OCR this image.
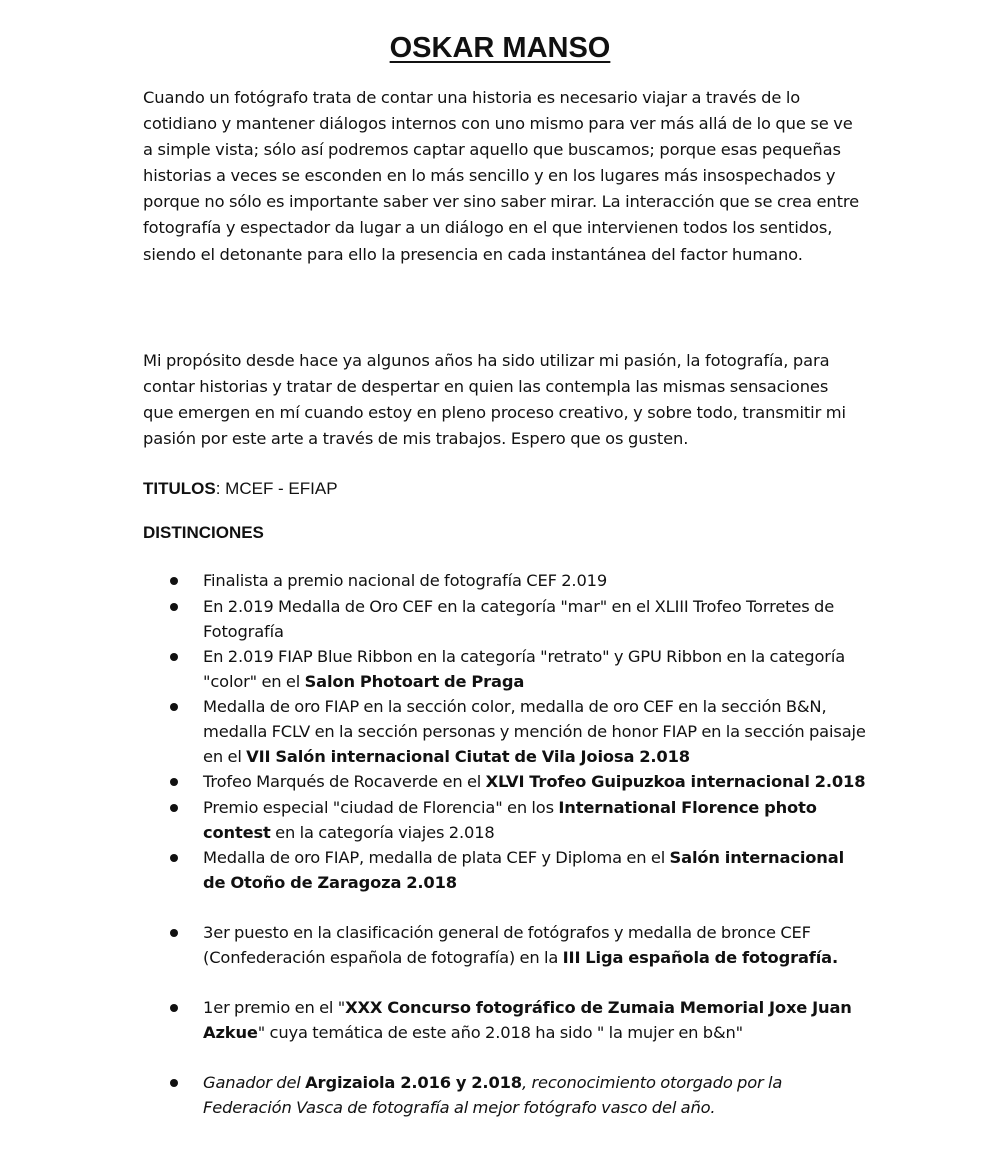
OSKAR MANSO

Cuando un fotógrafo trata de contar una historia es necesario viajar a través de lo cotidiano y mantener diálogos internos con uno mismo para ver más allá de lo que se ve a simple vista; sólo así podremos captar aquello que buscamos; porque esas pequeñas historias a veces se esconden en lo más sencillo y en los lugares más insospechados y porque no sólo es importante saber ver sino saber mirar. La interacción que se crea entre fotografía y espectador da lugar a un diálogo en el que intervienen todos los sentidos, siendo el detonante para ello la presencia en cada instantánea del factor humano.

Mi propósito desde hace ya algunos años ha sido utilizar mi pasión, la fotografía, para contar historias y tratar de despertar en quien las contempla las mismas sensaciones que emergen en mí cuando estoy en pleno proceso creativo, y sobre todo, transmitir mi pasión por este arte a través de mis trabajos. Espero que os gusten.

TITULOS: MCEF - EFIAP
DISTINCIONES
Finalista a premio nacional de fotografía CEF 2.019
En 2.019 Medalla de Oro CEF en la categoría "mar" en el XLIII Trofeo Torretes de Fotografía
En 2.019 FIAP Blue Ribbon en la categoría "retrato" y GPU Ribbon en la categoría "color" en el Salon Photoart de Praga
Medalla de oro FIAP en la sección color, medalla de oro CEF en la sección B&N, medalla FCLV en la sección personas y mención de honor FIAP en la sección paisaje en el VII Salón internacional Ciutat de Vila Joiosa 2.018
Trofeo Marqués de Rocaverde en el XLVI Trofeo Guipuzkoa internacional 2.018
Premio especial "ciudad de Florencia" en los International Florence photo contest en la categoría viajes 2.018
Medalla de oro FIAP, medalla de plata CEF y Diploma en el Salón internacional de Otoño de Zaragoza 2.018
3er puesto en la clasificación general de fotógrafos y medalla de bronce CEF (Confederación española de fotografía) en la III Liga española de fotografía.
1er premio en el "XXX Concurso fotográfico de Zumaia Memorial Joxe Juan Azkue" cuya temática de este año 2.018 ha sido " la mujer en b&n"
Ganador del Argizaiola 2.016 y 2.018, reconocimiento otorgado por la Federación Vasca de fotografía al mejor fotógrafo vasco del año.
